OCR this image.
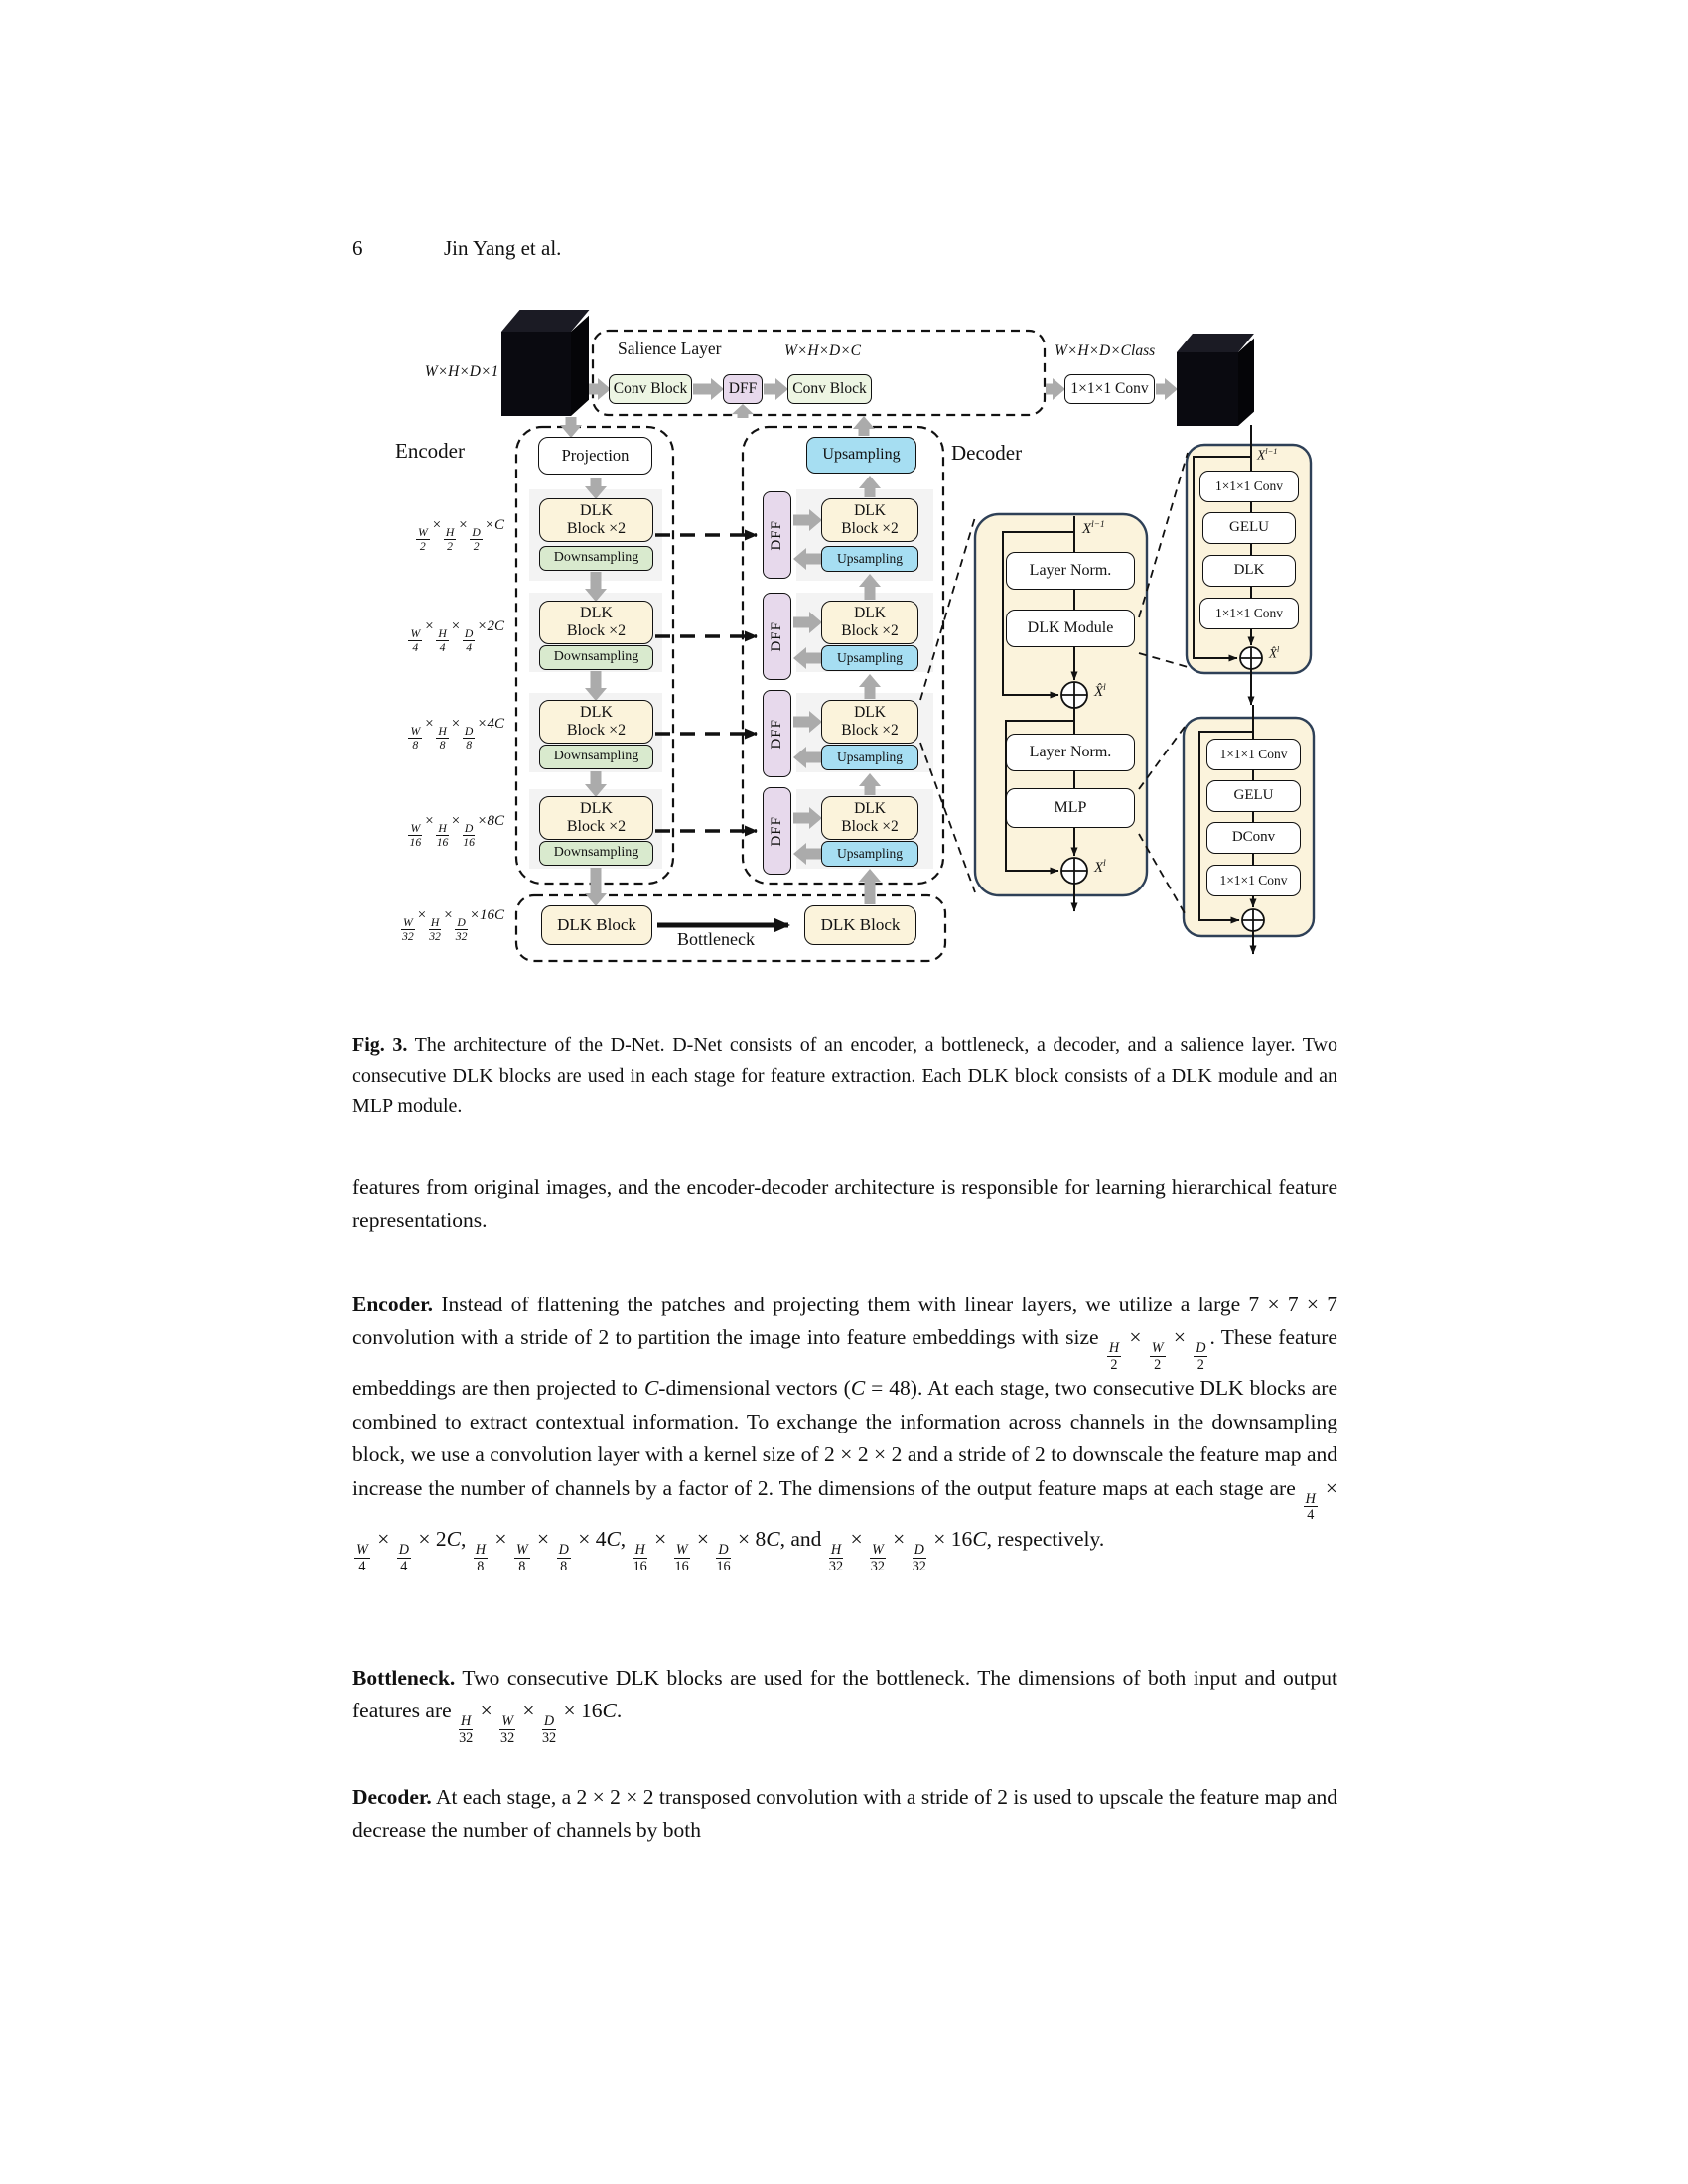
6	Jin Yang et al.
W×H×D×1
Salience Layer	W×H×D×C	W×H×D×Class
Conv Block	DFF	Conv Block	1×1×1 Conv
Encoder	Projection
DLK
Block ×2
Downsampling
DLK
Block ×2
Downsampling
DLK
Block ×2
Downsampling
DLK
Block ×2
Downsampling
$\frac{W}{2}$
×
$\frac{H}{2}$
×
$\frac{D}{2}$
×C
$\frac{W}{4}$
×
$\frac{H}{4}$
×
$\frac{D}{4}$
×2C
$\frac{W}{8}$
×
$\frac{H}{8}$
×
$\frac{D}{8}$
×4C
$\frac{W}{16}$
×
$\frac{H}{16}$
×
$\frac{D}{16}$
×8C
$\frac{W}{32}$
×
$\frac{H}{32}$
×
$\frac{D}{32}$
×16C
Decoder
Upsampling
DFF
DLK
Block ×2
Upsampling
DFF
DLK
Block ×2
Upsampling
DFF
DLK
Block ×2
Upsampling
DFF
DLK
Block ×2
Upsampling
DLK Block	DLK Block
Bottleneck
$X^{l-1}$
Layer Norm.
DLK Module
X̂$^l$
Layer Norm.
MLP
$X^l$
$X^{l-1}$
1×1×1 Conv
GELU
DLK
1×1×1 Conv
X̂$^l$
1×1×1 Conv
GELU
DConv
1×1×1 Conv

Fig. 3. The architecture of the D-Net. D-Net consists of an encoder, a bottleneck, a decoder, and a salience layer. Two consecutive DLK blocks are used in each stage for feature extraction. Each DLK block consists of a DLK module and an MLP module.

features from original images, and the encoder-decoder architecture is responsible for learning hierarchical feature representations.

Encoder. Instead of flattening the patches and projecting them with linear layers, we utilize a large 7 × 7 × 7 convolution with a stride of 2 to partition the image into feature embeddings with size
$\frac{H}{2}$
×
$\frac{W}{2}$
×
$\frac{D}{2}$
. These feature embeddings are then projected to C-dimensional vectors (C = 48). At each stage, two consecutive DLK blocks are combined to extract contextual information. To exchange the information across channels in the downsampling block, we use a convolution layer with a kernel size of 2 × 2 × 2 and a stride of 2 to downscale the feature map and increase the number of channels by a factor of 2. The dimensions of the output feature maps at each stage are
$\frac{H}{4}$
×
$\frac{W}{4}$
×
$\frac{D}{4}$
× 2C,
$\frac{H}{8}$
×
$\frac{W}{8}$
×
$\frac{D}{8}$
× 4C,
$\frac{H}{16}$
×
$\frac{W}{16}$
×
$\frac{D}{16}$
× 8C, and
$\frac{H}{32}$
×
$\frac{W}{32}$
×
$\frac{D}{32}$
× 16C, respectively.

Bottleneck. Two consecutive DLK blocks are used for the bottleneck. The dimensions of both input and output features are
$\frac{H}{32}$
×
$\frac{W}{32}$
×
$\frac{D}{32}$
× 16C.

Decoder. At each stage, a 2 × 2 × 2 transposed convolution with a stride of 2 is used to upscale the feature map and decrease the number of channels by both
